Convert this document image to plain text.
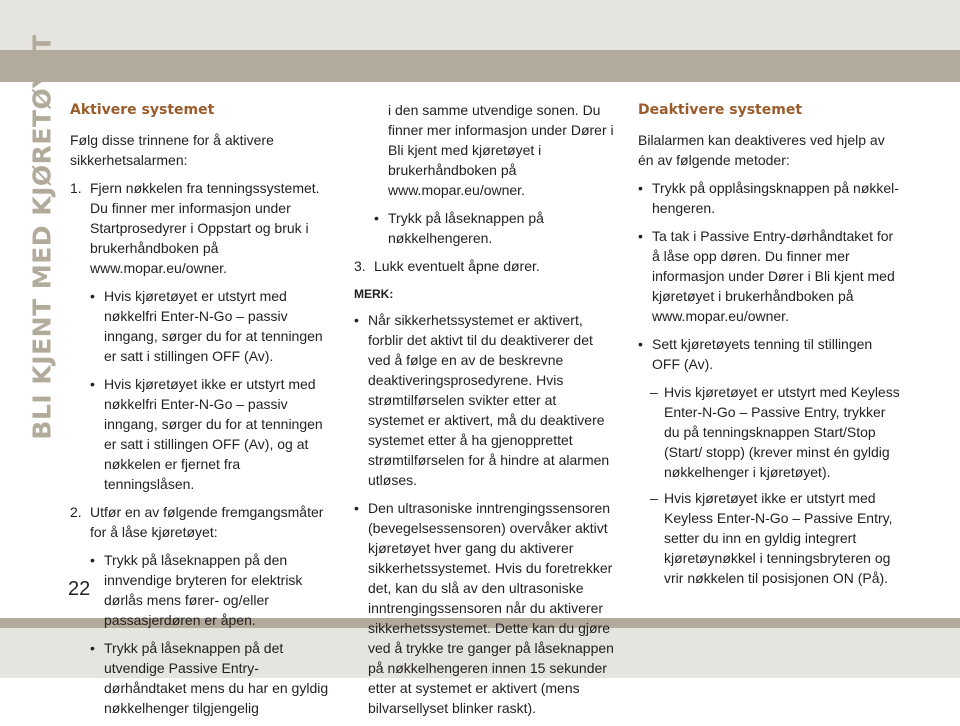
BLI KJENT MED KJØRETØYET
22
Aktivere systemet
Følg disse trinnene for å aktivere sikkerhetsalarmen:
1. Fjern nøkkelen fra tenningssystemet. Du finner mer informasjon under Startprosedyrer i Oppstart og bruk i brukerhåndboken på www.mopar.eu/owner.
• Hvis kjøretøyet er utstyrt med nøkkelfri Enter-N-Go – passiv inngang, sørger du for at tenningen er satt i stillingen OFF (Av).
• Hvis kjøretøyet ikke er utstyrt med nøkkelfri Enter-N-Go – passiv inngang, sørger du for at tenningen er satt i stillingen OFF (Av), og at nøkkelen er fjernet fra tenningslåsen.
2. Utfør en av følgende fremgangsmåter for å låse kjøretøyet:
• Trykk på låseknappen på den innvendige bryteren for elektrisk dørlås mens fører- og/eller passasjerdøren er åpen.
• Trykk på låseknappen på det utvendige Passive Entry-dørhåndtaket mens du har en gyldig nøkkelhenger tilgjengelig
i den samme utvendige sonen. Du finner mer informasjon under Dører i Bli kjent med kjøretøyet i brukerhåndboken på www.mopar.eu/owner.
• Trykk på låseknappen på nøkkelhengeren.
3. Lukk eventuelt åpne dører.
MERK:
• Når sikkerhetssystemet er aktivert, forblir det aktivt til du deaktiverer det ved å følge en av de beskrevne deaktiveringsprosedyrene. Hvis strømtilførselen svikter etter at systemet er aktivert, må du deaktivere systemet etter å ha gjenopprettet strømtilførselen for å hindre at alarmen utløses.
• Den ultrasoniske inntrengingssensoren (bevegelsessensoren) overvåker aktivt kjøretøyet hver gang du aktiverer sikkerhetssystemet. Hvis du foretrekker det, kan du slå av den ultrasoniske inntrengingssensoren når du aktiverer sikkerhetssystemet. Dette kan du gjøre ved å trykke tre ganger på låseknappen på nøkkelhengeren innen 15 sekunder etter at systemet er aktivert (mens bilvarsellyset blinker raskt).
Deaktivere systemet
Bilalarmen kan deaktiveres ved hjelp av én av følgende metoder:
• Trykk på opplåsingsknappen på nøkkelhengeren.
• Ta tak i Passive Entry-dørhåndtaket for å låse opp døren. Du finner mer informasjon under Dører i Bli kjent med kjøretøyet i brukerhåndboken på www.mopar.eu/owner.
• Sett kjøretøyets tenning til stillingen OFF (Av).
– Hvis kjøretøyet er utstyrt med Keyless Enter-N-Go – Passive Entry, trykker du på tenningsknappen Start/Stop (Start/ stopp) (krever minst én gyldig nøkkelhenger i kjøretøyet).
– Hvis kjøretøyet ikke er utstyrt med Keyless Enter-N-Go – Passive Entry, setter du inn en gyldig integrert kjøretøynøkkel i tenningsbryteren og vrir nøkkelen til posisjonen ON (På).
